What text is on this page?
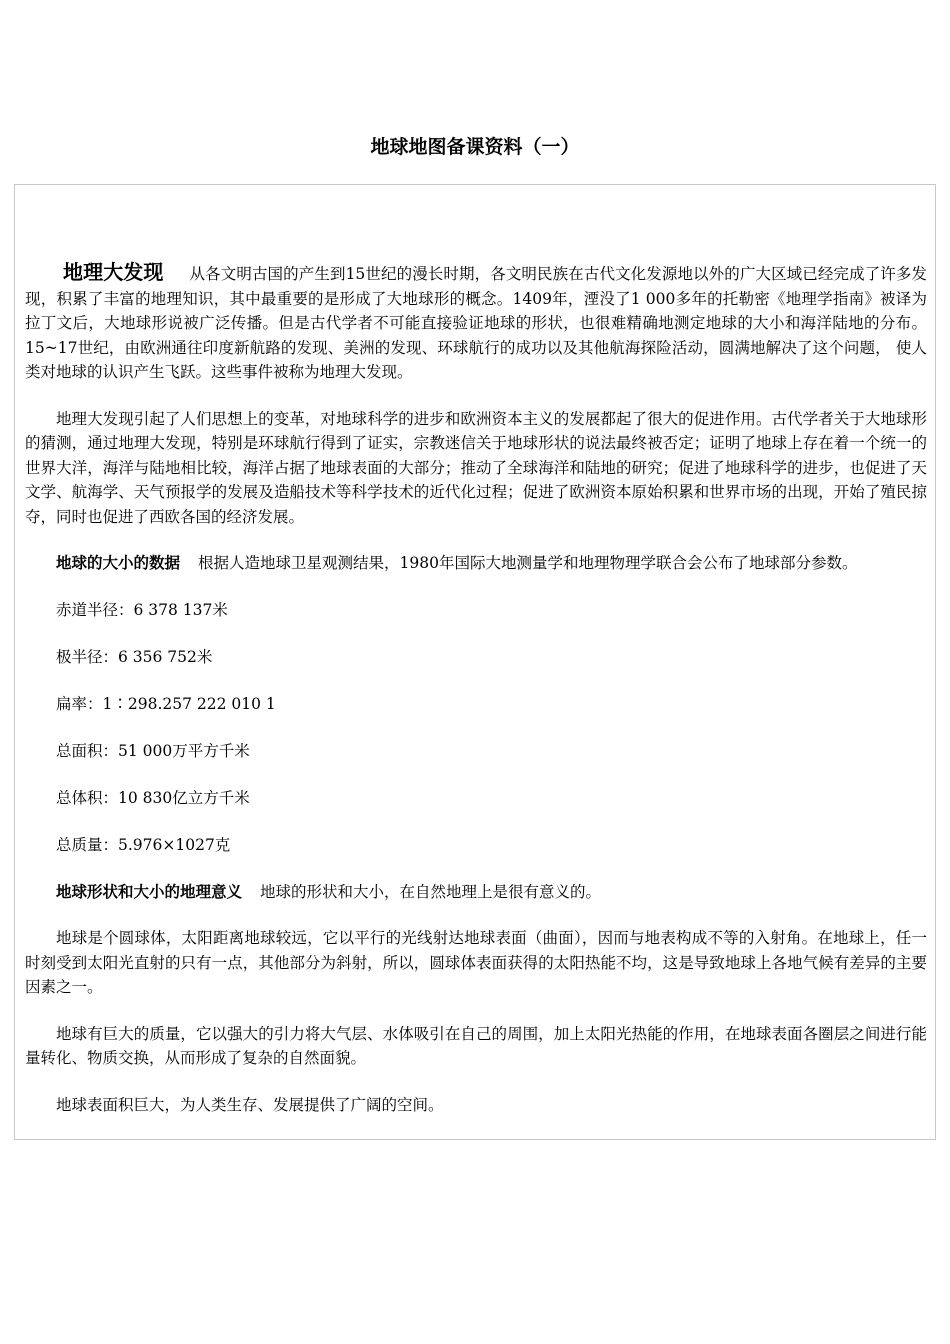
地球地图备课资料（一）

地理大发现 从各文明古国的产生到15世纪的漫长时期，各文明民族在古代文化发源地以外的广大区域已经完成了许多发现，积累了丰富的地理知识，其中最重要的是形成了大地球形的概念。1409年，湮没了1 000多年的托勒密《地理学指南》被译为拉丁文后，大地球形说被广泛传播。但是古代学者不可能直接验证地球的形状，也很难精确地测定地球的大小和海洋陆地的分布。15~17世纪，由欧洲通往印度新航路的发现、美洲的发现、环球航行的成功以及其他航海探险活动，圆满地解决了这个问题， 使人类对地球的认识产生飞跃。这些事件被称为地理大发现。

地理大发现引起了人们思想上的变革，对地球科学的进步和欧洲资本主义的发展都起了很大的促进作用。古代学者关于大地球形的猜测，通过地理大发现，特别是环球航行得到了证实，宗教迷信关于地球形状的说法最终被否定；证明了地球上存在着一个统一的世界大洋，海洋与陆地相比较，海洋占据了地球表面的大部分；推动了全球海洋和陆地的研究；促进了地球科学的进步，也促进了天文学、航海学、天气预报学的发展及造船技术等科学技术的近代化过程；促进了欧洲资本原始积累和世界市场的出现，开始了殖民掠夺，同时也促进了西欧各国的经济发展。

地球的大小的数据 根据人造地球卫星观测结果，1980年国际大地测量学和地理物理学联合会公布了地球部分参数。

赤道半径：6 378 137米

极半径：6 356 752米

扁率：1∶298.257 222 010 1

总面积：51 000万平方千米

总体积：10 830亿立方千米

总质量：5.976×1027克

地球形状和大小的地理意义 地球的形状和大小，在自然地理上是很有意义的。

地球是个圆球体，太阳距离地球较远，它以平行的光线射达地球表面（曲面），因而与地表构成不等的入射角。在地球上，任一时刻受到太阳光直射的只有一点，其他部分为斜射，所以，圆球体表面获得的太阳热能不均，这是导致地球上各地气候有差异的主要因素之一。

地球有巨大的质量，它以强大的引力将大气层、水体吸引在自己的周围，加上太阳光热能的作用，在地球表面各圈层之间进行能量转化、物质交换，从而形成了复杂的自然面貌。

地球表面积巨大，为人类生存、发展提供了广阔的空间。
